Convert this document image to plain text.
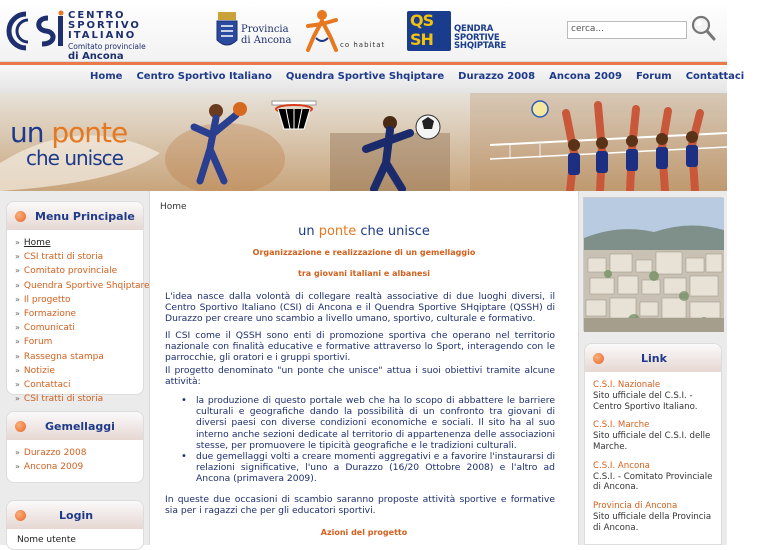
CENTRO
SPORTIVO
ITALIANO
Comitato provinciale
di Ancona
Provincia
di Ancona	co habitat
QS
SH
QENDRA
SPORTIVE
SHQIPTARE
cerca...
Home Centro Sportivo Italiano Quendra Sportive Shqiptare Durazzo 2008 Ancona 2009 Forum Contattaci
un ponte
che unisce
Menu Principale
» Home
» CSI tratti di storia
» Comitato provinciale
» Quendra Sportive Shqiptare
» Il progetto
» Formazione
» Comunicati
» Forum
» Rassegna stampa
» Notizie
» Contattaci
» CSI tratti di storia
Gemellaggi
» Durazzo 2008
» Ancona 2009
Login
Nome utente
Home
un ponte che unisce
Organizzazione e realizzazione di un gemellaggio
tra giovani italiani e albanesi

L'idea nasce dalla volontà di collegare realtà associative di due luoghi diversi, il Centro Sportivo Italiano (CSI) di Ancona e il Quendra Sportive SHqiptare (QSSH) di Durazzo per creare uno scambio a livello umano, sportivo, culturale e formativo.

Il CSI come il QSSH sono enti di promozione sportiva che operano nel territorio nazionale con finalità educative e formative attraverso lo Sport, interagendo con le parrocchie, gli oratori e i gruppi sportivi.

Il progetto denominato "un ponte che unisce" attua i suoi obiettivi tramite alcune attività:

• la produzione di questo portale web che ha lo scopo di abbattere le barriere culturali e geografiche dando la possibilità di un confronto tra giovani di diversi paesi con diverse condizioni economiche e sociali. Il sito ha al suo interno anche sezioni dedicate al territorio di appartenenza delle associazioni stesse, per promuovere le tipicità geografiche e le tradizioni culturali.
• due gemellaggi volti a creare momenti aggregativi e a favorire l'instaurarsi di relazioni significative, l'uno a Durazzo (16/20 Ottobre 2008) e l'altro ad Ancona (primavera 2009).

In queste due occasioni di scambio saranno proposte attività sportive e formative sia per i ragazzi che per gli educatori sportivi.

Azioni del progetto
Link
C.S.I. Nazionale
Sito ufficiale del C.S.I. - Centro Sportivo Italiano.
C.S.I. Marche
Sito ufficiale del C.S.I. delle Marche.
C.S.I. Ancona
C.S.I. - Comitato Provinciale di Ancona.
Provincia di Ancona
Sito ufficiale della Provincia di Ancona.
